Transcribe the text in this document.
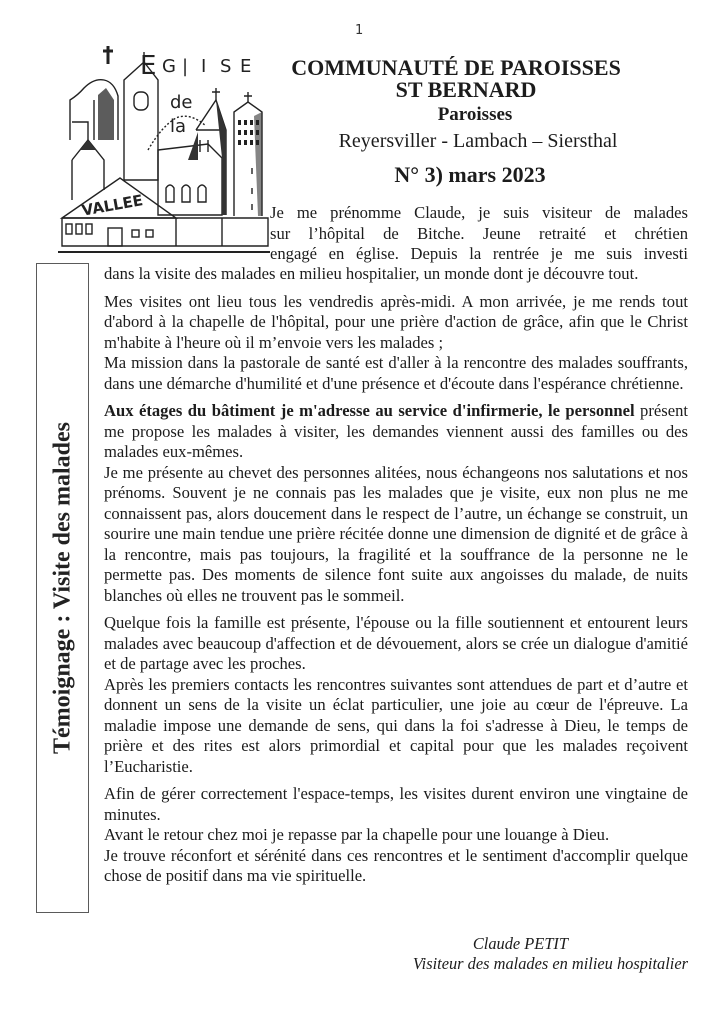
1
E G | I S E
de
la
VALLEE
COMMUNAUTÉ DE PAROISSES
ST BERNARD
Paroisses
Reyersviller - Lambach – Siersthal
N° 3) mars 2023
Témoignage : Visite des malades

Je me prénomme Claude, je suis visiteur de malades

sur l’hôpital de Bitche. Jeune retraité et chrétien

engagé en église. Depuis la rentrée je me suis investi

dans la visite des malades en milieu hospitalier, un monde dont je découvre tout.

Mes visites ont lieu tous les vendredis après-midi. A mon arrivée, je me rends tout d'abord à la chapelle de l'hôpital, pour une prière d'action de grâce, afin que le Christ m'habite à l'heure où il m’envoie vers les malades ;

Ma mission dans la pastorale de santé est d'aller à la rencontre des malades souffrants, dans une démarche d'humilité et d'une présence et d'écoute dans l'espérance chrétienne.

Aux étages du bâtiment je m'adresse au service d'infirmerie, le personnel présent me propose les malades à visiter, les demandes viennent aussi des familles ou des malades eux-mêmes.

Je me présente au chevet des personnes alitées, nous échangeons nos salutations et nos prénoms. Souvent je ne connais pas les malades que je visite, eux non plus ne me connaissent pas, alors doucement dans le respect de l’autre, un échange se construit, un sourire une main tendue une prière récitée donne une dimension de dignité et de grâce à la rencontre, mais pas toujours, la fragilité et la souffrance de la personne ne le permette pas. Des moments de silence font suite aux angoisses du malade, de nuits blanches où elles ne trouvent pas le sommeil.

Quelque fois la famille est présente, l'épouse ou la fille soutiennent et entourent leurs malades avec beaucoup d'affection et de dévouement, alors se crée un dialogue d'amitié et de partage avec les proches.

Après les premiers contacts les rencontres suivantes sont attendues de part et d’autre et donnent un sens de la visite un éclat particulier, une joie au cœur de l'épreuve. La maladie impose une demande de sens, qui dans la foi s'adresse à Dieu, le temps de prière et des rites est alors primordial et capital pour que les malades reçoivent l’Eucharistie.

Afin de gérer correctement l'espace-temps, les visites durent environ une vingtaine de minutes.

Avant le retour chez moi je repasse par la chapelle pour une louange à Dieu.

Je trouve réconfort et sérénité dans ces rencontres et le sentiment d'accomplir quelque chose de positif dans ma vie spirituelle.

Claude PETIT
Visiteur des malades en milieu hospitalier
